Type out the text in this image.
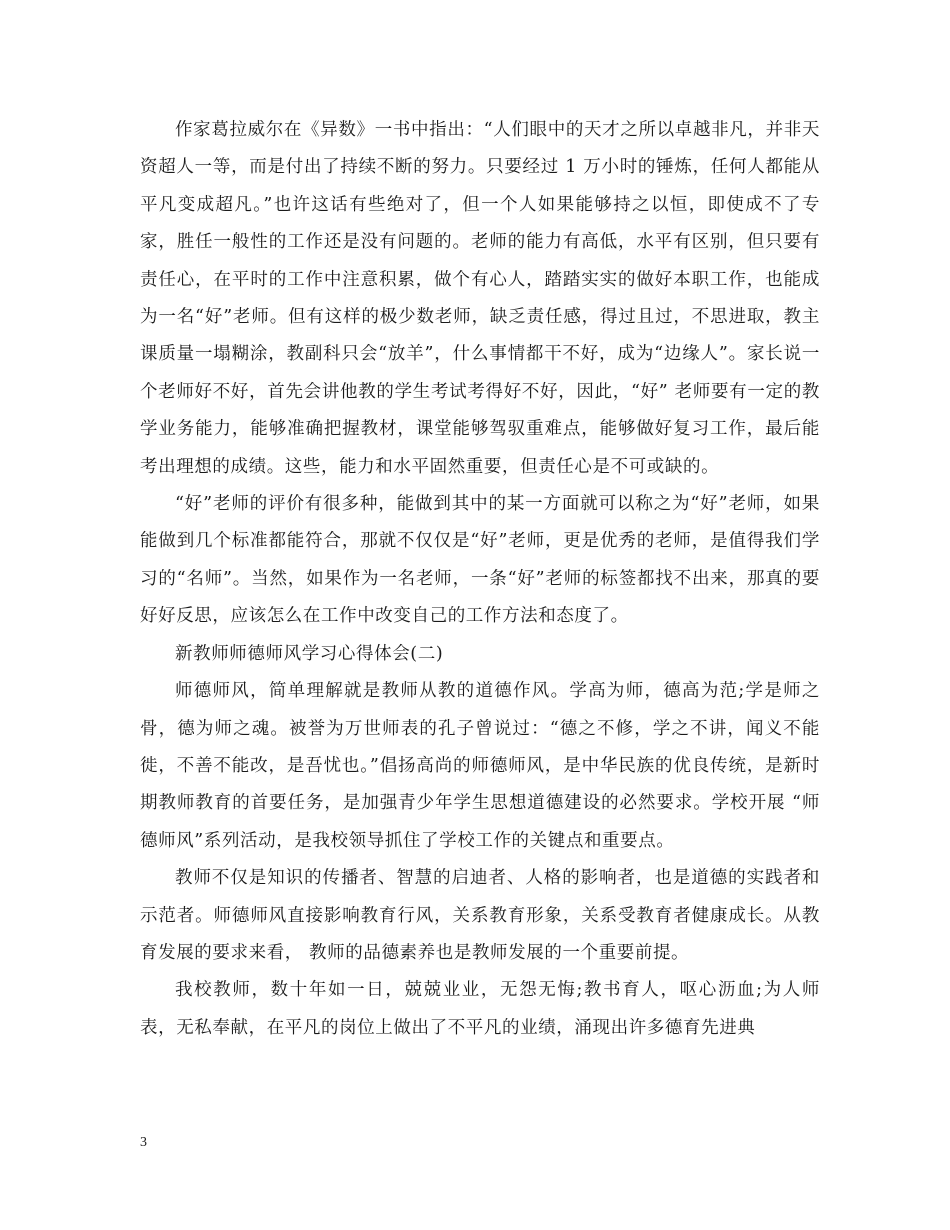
作家葛拉威尔在《异数》一书中指出：“人们眼中的天才之所以卓越非凡，并非天资超人一等，而是付出了持续不断的努力。只要经过 1 万小时的锤炼，任何人都能从平凡变成超凡。”也许这话有些绝对了，但一个人如果能够持之以恒，即使成不了专家，胜任一般性的工作还是没有问题的。老师的能力有高低，水平有区别，但只要有责任心，在平时的工作中注意积累，做个有心人，踏踏实实的做好本职工作，也能成为一名“好”老师。但有这样的极少数老师，缺乏责任感，得过且过，不思进取，教主课质量一塌糊涂，教副科只会“放羊”，什么事情都干不好，成为“边缘人”。家长说一个老师好不好，首先会讲他教的学生考试考得好不好，因此，“好” 老师要有一定的教学业务能力，能够准确把握教材，课堂能够驾驭重难点，能够做好复习工作，最后能考出理想的成绩。这些，能力和水平固然重要，但责任心是不可或缺的。

“好”老师的评价有很多种，能做到其中的某一方面就可以称之为“好”老师，如果能做到几个标准都能符合，那就不仅仅是“好”老师，更是优秀的老师，是值得我们学习的“名师”。当然，如果作为一名老师，一条“好”老师的标签都找不出来，那真的要好好反思，应该怎么在工作中改变自己的工作方法和态度了。

新教师师德师风学习心得体会(二)

师德师风，简单理解就是教师从教的道德作风。学高为师，德高为范;学是师之骨，德为师之魂。被誉为万世师表的孔子曾说过：“德之不修，学之不讲，闻义不能徙，不善不能改，是吾忧也。”倡扬高尚的师德师风，是中华民族的优良传统，是新时期教师教育的首要任务，是加强青少年学生思想道德建设的必然要求。学校开展 “师德师风”系列活动，是我校领导抓住了学校工作的关键点和重要点。

教师不仅是知识的传播者、智慧的启迪者、人格的影响者，也是道德的实践者和示范者。师德师风直接影响教育行风，关系教育形象，关系受教育者健康成长。从教育发展的要求来看， 教师的品德素养也是教师发展的一个重要前提。

我校教师，数十年如一日，兢兢业业，无怨无悔;教书育人，呕心沥血;为人师表，无私奉献，在平凡的岗位上做出了不平凡的业绩，涌现出许多德育先进典

3
